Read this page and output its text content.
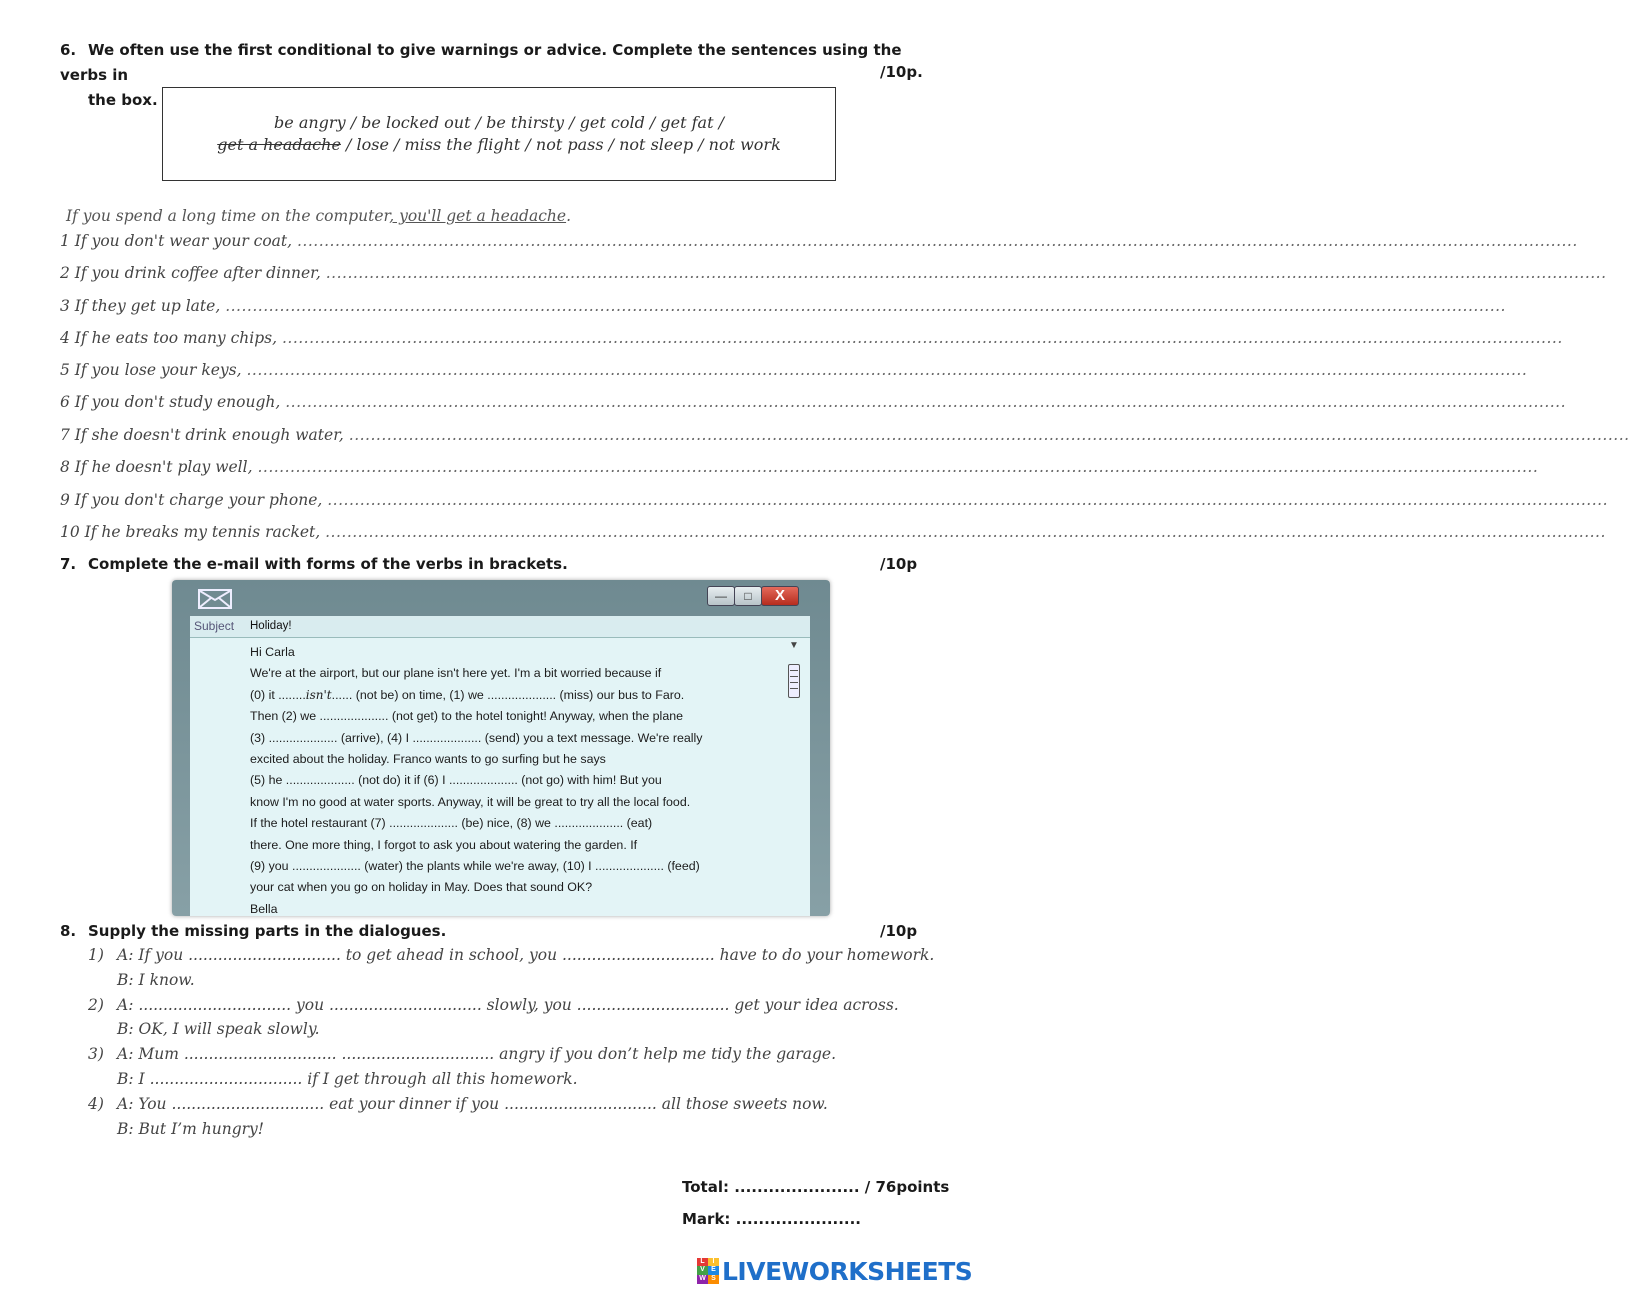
6. We often use the first conditional to give warnings or advice. Complete the sentences using the verbs in
the box.
/10p.
be angry / be locked out / be thirsty / get cold / get fat /
get a headache / lose / miss the flight / not pass / not sleep / not work
If you spend a long time on the computer, you'll get a headache.
1 If you don't wear your coat, ............................................................................................................................................................................................................................................
2 If you drink coffee after dinner, ............................................................................................................................................................................................................................................
3 If they get up late, ............................................................................................................................................................................................................................................
4 If he eats too many chips, ............................................................................................................................................................................................................................................
5 If you lose your keys, ............................................................................................................................................................................................................................................
6 If you don't study enough, ............................................................................................................................................................................................................................................
7 If she doesn't drink enough water, ............................................................................................................................................................................................................................................
8 If he doesn't play well, ............................................................................................................................................................................................................................................
9 If you don't charge your phone, ............................................................................................................................................................................................................................................
10 If he breaks my tennis racket, ............................................................................................................................................................................................................................................
7. Complete the e-mail with forms of the verbs in brackets.	/10p
—	□	X
Subject Holiday!
Hi Carla
We're at the airport, but our plane isn't here yet. I'm a bit worried because if
(0) it ........isn't...... (not be) on time, (1) we .................... (miss) our bus to Faro.
Then (2) we .................... (not get) to the hotel tonight! Anyway, when the plane
(3) .................... (arrive), (4) I .................... (send) you a text message. We're really
excited about the holiday. Franco wants to go surfing but he says
(5) he .................... (not do) it if (6) I .................... (not go) with him! But you
know I'm no good at water sports. Anyway, it will be great to try all the local food.
If the hotel restaurant (7) .................... (be) nice, (8) we .................... (eat)
there. One more thing, I forgot to ask you about watering the garden. If
(9) you .................... (water) the plants while we're away, (10) I .................... (feed)
your cat when you go on holiday in May. Does that sound OK?
Bella
▼
8. Supply the missing parts in the dialogues.	/10p
1) A: If you ............................... to get ahead in school, you ............................... have to do your homework.
B: I know.
2) A: ............................... you ............................... slowly, you ............................... get your idea across.
B: OK, I will speak slowly.
3) A: Mum ............................... ............................... angry if you don’t help me tidy the garage.
B: I ............................... if I get through all this homework.
4) A: You ............................... eat your dinner if you ............................... all those sweets now.
B: But I’m hungry!
Total: ...................... / 76points
Mark: ......................
L	I
V E
W S LIVEWORKSHEETS
